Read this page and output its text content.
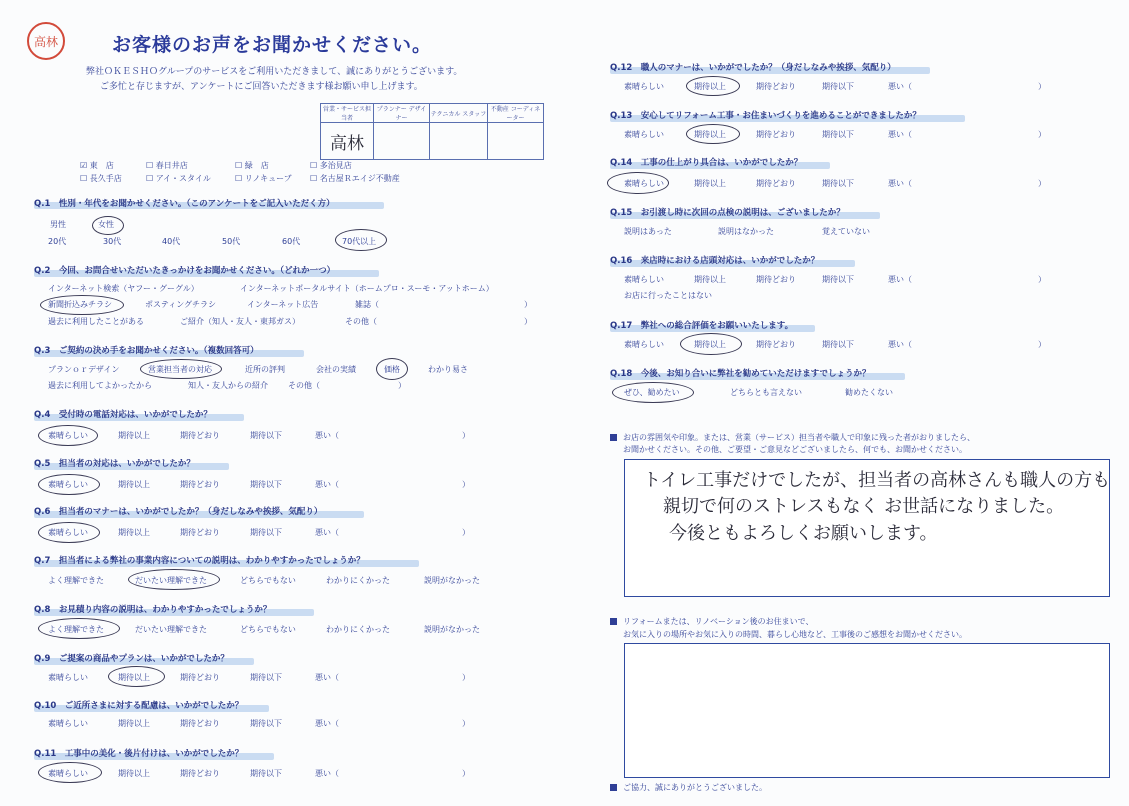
高林	お客様のお声をお聞かせください。
弊社ＯＫＥＳＨＯグループのサービスをご利用いただきまして、誠にありがとうございます。
ご多忙と存じますが、アンケートにご回答いただきます様お願い申し上げます。
営業・サービス担当者	プランナー デザイナー	テクニカル スタッフ	不動産 コーディネーター
高林			
☑ 東　店	☐ 春日井店	☐ 緑　店	☐ 多治見店
☐ 長久手店	☐ アイ・スタイル	☐ リノキューブ ☐ 名古屋Ｒエイジ不動産
Q.1　性別・年代をお聞かせください。（このアンケートをご記入いただく方）
男性	女性
20代	30代	40代	50代	60代	70代以上
Q.2　今回、お問合せいただいたきっかけをお聞かせください。（どれか一つ）
インターネット検索（ヤフー・グーグル）	インターネットポータルサイト（ホームプロ・スーモ・アットホーム）
新聞折込みチラシ	ポスティングチラシ	インターネット広告	雑誌（	）
過去に利用したことがある	ご紹介（知人・友人・東邦ガス）	その他（	）
Q.3　ご契約の決め手をお聞かせください。（複数回答可）
プランｏｒデザイン	営業担当者の対応	近所の評判	会社の実績	価格	わかり易さ
過去に利用してよかったから	知人・友人からの紹介	その他（	）
Q.4　受付時の電話対応は、いかがでしたか？
素晴らしい	期待以上	期待どおり	期待以下	悪い（	）
Q.5　担当者の対応は、いかがでしたか？
素晴らしい	期待以上	期待どおり	期待以下	悪い（	）
Q.6　担当者のマナーは、いかがでしたか？（身だしなみや挨拶、気配り）
素晴らしい	期待以上	期待どおり	期待以下	悪い（	）
Q.7　担当者による弊社の事業内容についての説明は、わかりやすかったでしょうか？
よく理解できた	だいたい理解できた	どちらでもない	わかりにくかった	説明がなかった
Q.8　お見積り内容の説明は、わかりやすかったでしょうか？
よく理解できた	だいたい理解できた	どちらでもない	わかりにくかった	説明がなかった
Q.9　ご提案の商品やプランは、いかがでしたか？
素晴らしい	期待以上	期待どおり	期待以下	悪い（	）
Q.10　ご近所さまに対する配慮は、いかがでしたか？
素晴らしい	期待以上	期待どおり	期待以下	悪い（	）
Q.11　工事中の美化・後片付けは、いかがでしたか？
素晴らしい	期待以上	期待どおり	期待以下	悪い（	）
Q.12　職人のマナーは、いかがでしたか？（身だしなみや挨拶、気配り）
素晴らしい	期待以上	期待どおり	期待以下	悪い（	）
Q.13　安心してリフォーム工事・お住まいづくりを進めることができましたか？
素晴らしい	期待以上	期待どおり	期待以下	悪い（	）
Q.14　工事の仕上がり具合は、いかがでしたか？
素晴らしい	期待以上	期待どおり	期待以下	悪い（	）
Q.15　お引渡し時に次回の点検の説明は、ございましたか？
説明はあった	説明はなかった	覚えていない
Q.16　来店時における店頭対応は、いかがでしたか？
素晴らしい	期待以上	期待どおり	期待以下	悪い（	）
お店に行ったことはない
Q.17　弊社への総合評価をお願いいたします。
素晴らしい	期待以上	期待どおり	期待以下	悪い（	）
Q.18　今後、お知り合いに弊社を勧めていただけますでしょうか？
ぜひ、勧めたい	どちらとも言えない	勧めたくない
お店の雰囲気や印象。または、営業（サービス）担当者や職人で印象に残った者がおりましたら、
お聞かせください。その他、ご要望・ご意見などございましたら、何でも、お聞かせください。
トイレ工事だけでしたが、担当者の高林さんも職人の方も
親切で何のストレスもなく お世話になりました。
今後ともよろしくお願いします。
リフォームまたは、リノベーション後のお住まいで、
お気に入りの場所やお気に入りの時間、暮らし心地など、工事後のご感想をお聞かせください。
ご協力、誠にありがとうございました。
